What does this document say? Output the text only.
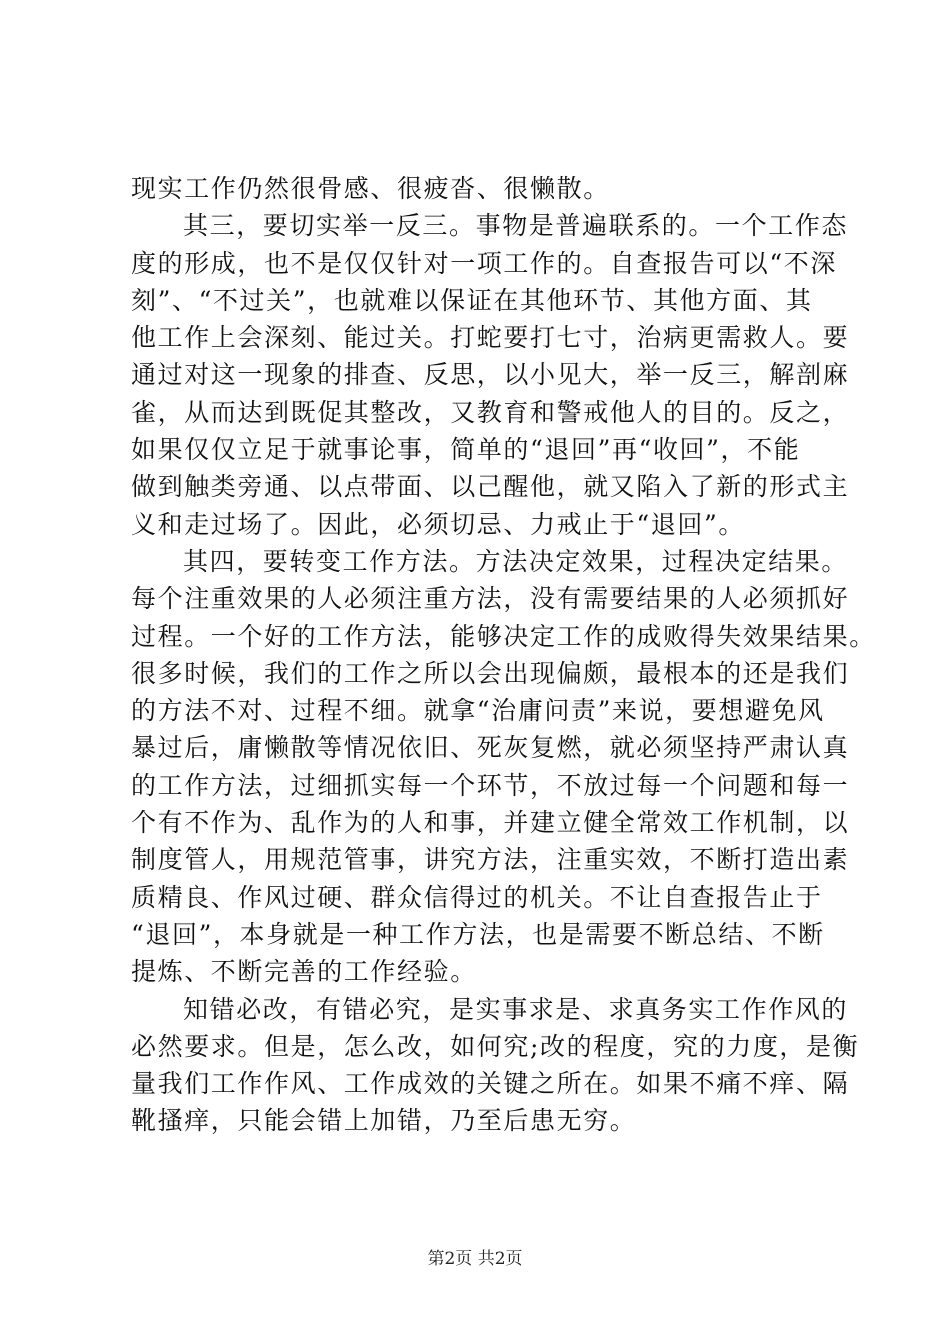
现实工作仍然很骨感、很疲沓、很懒散。
其三，要切实举一反三。事物是普遍联系的。一个工作态
度的形成，也不是仅仅针对一项工作的。自查报告可以“不深
刻”、“不过关”，也就难以保证在其他环节、其他方面、其
他工作上会深刻、能过关。打蛇要打七寸，治病更需救人。要
通过对这一现象的排查、反思，以小见大，举一反三，解剖麻
雀，从而达到既促其整改，又教育和警戒他人的目的。反之，
如果仅仅立足于就事论事，简单的“退回”再“收回”，不能
做到触类旁通、以点带面、以己醒他，就又陷入了新的形式主
义和走过场了。因此，必须切忌、力戒止于“退回”。
其四，要转变工作方法。方法决定效果，过程决定结果。
每个注重效果的人必须注重方法，没有需要结果的人必须抓好
过程。一个好的工作方法，能够决定工作的成败得失效果结果。
很多时候，我们的工作之所以会出现偏颇，最根本的还是我们
的方法不对、过程不细。就拿“治庸问责”来说，要想避免风
暴过后，庸懒散等情况依旧、死灰复燃，就必须坚持严肃认真
的工作方法，过细抓实每一个环节，不放过每一个问题和每一
个有不作为、乱作为的人和事，并建立健全常效工作机制，以
制度管人，用规范管事，讲究方法，注重实效，不断打造出素
质精良、作风过硬、群众信得过的机关。不让自查报告止于
“退回”，本身就是一种工作方法，也是需要不断总结、不断
提炼、不断完善的工作经验。
知错必改，有错必究，是实事求是、求真务实工作作风的
必然要求。但是，怎么改，如何究;改的程度，究的力度，是衡
量我们工作作风、工作成效的关键之所在。如果不痛不痒、隔
靴搔痒，只能会错上加错，乃至后患无穷。
第2页 共2页
